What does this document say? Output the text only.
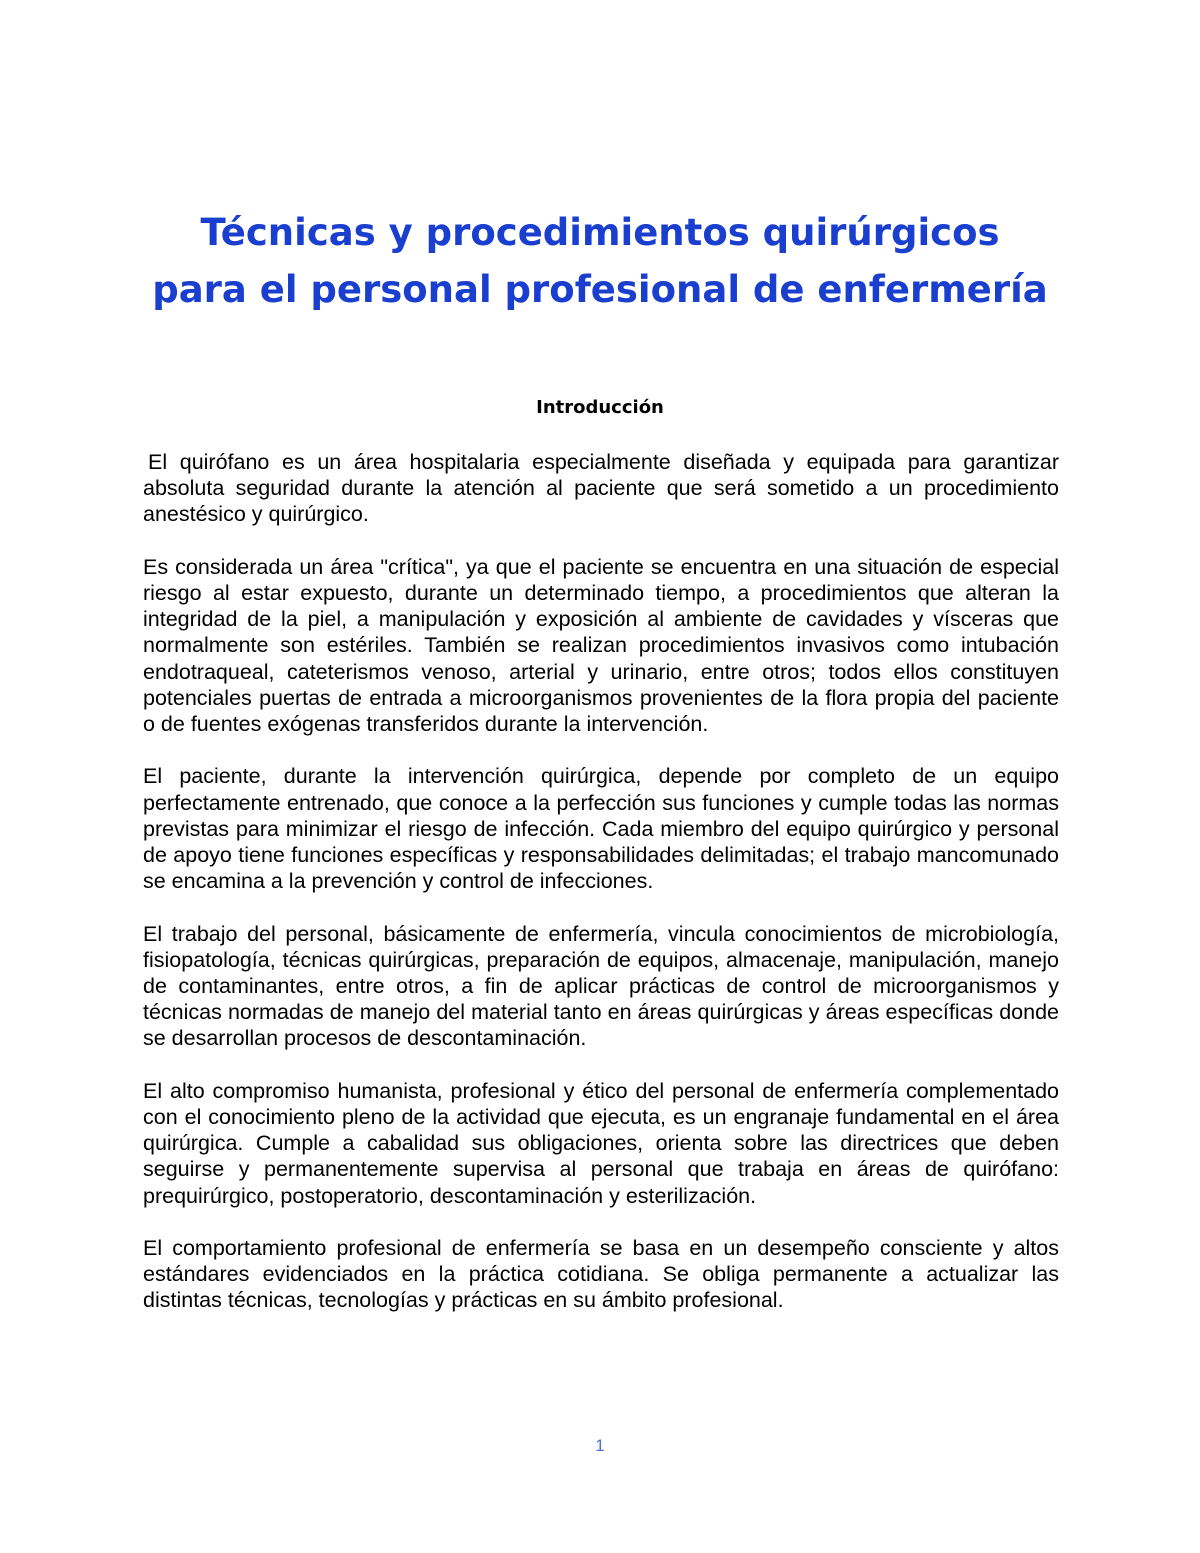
Técnicas y procedimientos quirúrgicos
para el personal profesional de enfermería
Introducción

El quirófano es un área hospitalaria especialmente diseñada y equipada para garantizar absoluta seguridad durante la atención al paciente que será sometido a un procedimiento anestésico y quirúrgico.

Es considerada un área "crítica", ya que el paciente se encuentra en una situación de especial riesgo al estar expuesto, durante un determinado tiempo, a procedimientos que alteran la integridad de la piel, a manipulación y exposición al ambiente de cavidades y vísceras que normalmente son estériles. También se realizan procedimientos invasivos como intubación endotraqueal, cateterismos venoso, arterial y urinario, entre otros; todos ellos constituyen potenciales puertas de entrada a microorganismos provenientes de la flora propia del paciente o de fuentes exógenas transferidos durante la intervención.

El paciente, durante la intervención quirúrgica, depende por completo de un equipo perfectamente entrenado, que conoce a la perfección sus funciones y cumple todas las normas previstas para minimizar el riesgo de infección. Cada miembro del equipo quirúrgico y personal de apoyo tiene funciones específicas y responsabilidades delimitadas; el trabajo mancomunado se encamina a la prevención y control de infecciones.

El trabajo del personal, básicamente de enfermería, vincula conocimientos de microbiología, fisiopatología, técnicas quirúrgicas, preparación de equipos, almacenaje, manipulación, manejo de contaminantes, entre otros, a fin de aplicar prácticas de control de microorganismos y técnicas normadas de manejo del material tanto en áreas quirúrgicas y áreas específicas donde se desarrollan procesos de descontaminación.

El alto compromiso humanista, profesional y ético del personal de enfermería complementado con el conocimiento pleno de la actividad que ejecuta, es un engranaje fundamental en el área quirúrgica. Cumple a cabalidad sus obligaciones, orienta sobre las directrices que deben seguirse y permanentemente supervisa al personal que trabaja en áreas de quirófano: prequirúrgico, postoperatorio, descontaminación y esterilización.

El comportamiento profesional de enfermería se basa en un desempeño consciente y altos estándares evidenciados en la práctica cotidiana. Se obliga permanente a actualizar las distintas técnicas, tecnologías y prácticas en su ámbito profesional.

1
